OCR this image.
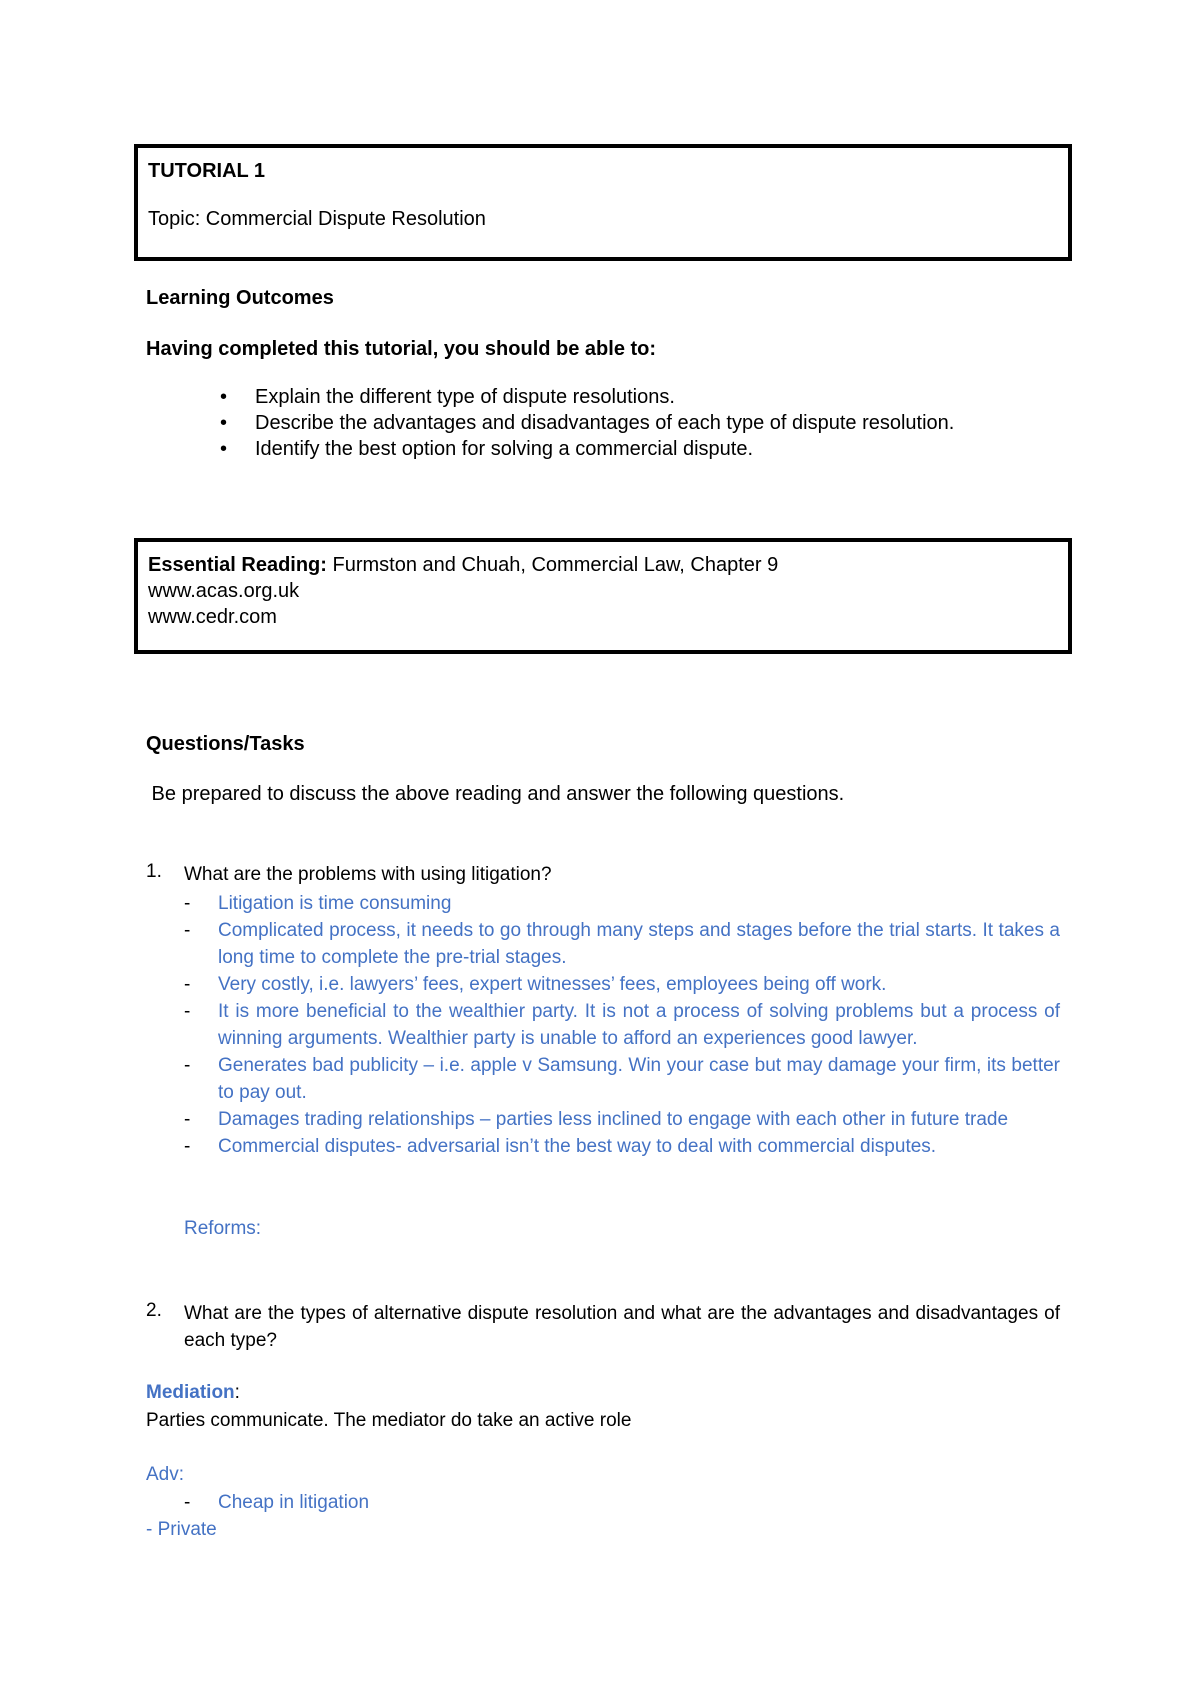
TUTORIAL 1
Topic: Commercial Dispute Resolution
Learning Outcomes
Having completed this tutorial, you should be able to:
• Explain the different type of dispute resolutions.
• Describe the advantages and disadvantages of each type of dispute resolution.
• Identify the best option for solving a commercial dispute.
Essential Reading: Furmston and Chuah, Commercial Law, Chapter 9
www.acas.org.uk
www.cedr.com
Questions/Tasks
Be prepared to discuss the above reading and answer the following questions.
1. What are the problems with using litigation?
- Litigation is time consuming
- Complicated process, it needs to go through many steps and stages before the trial starts. It takes a long time to complete the pre-trial stages.
- Very costly, i.e. lawyers’ fees, expert witnesses’ fees, employees being off work.
- It is more beneficial to the wealthier party. It is not a process of solving problems but a process of winning arguments. Wealthier party is unable to afford an experiences good lawyer.
- Generates bad publicity – i.e. apple v Samsung. Win your case but may damage your firm, its better to pay out.
- Damages trading relationships – parties less inclined to engage with each other in future trade
- Commercial disputes- adversarial isn’t the best way to deal with commercial disputes.
Reforms:
2. What are the types of alternative dispute resolution and what are the advantages and disadvantages of each type?
Mediation:
Parties communicate. The mediator do take an active role
Adv:
- Cheap in litigation
- Private
